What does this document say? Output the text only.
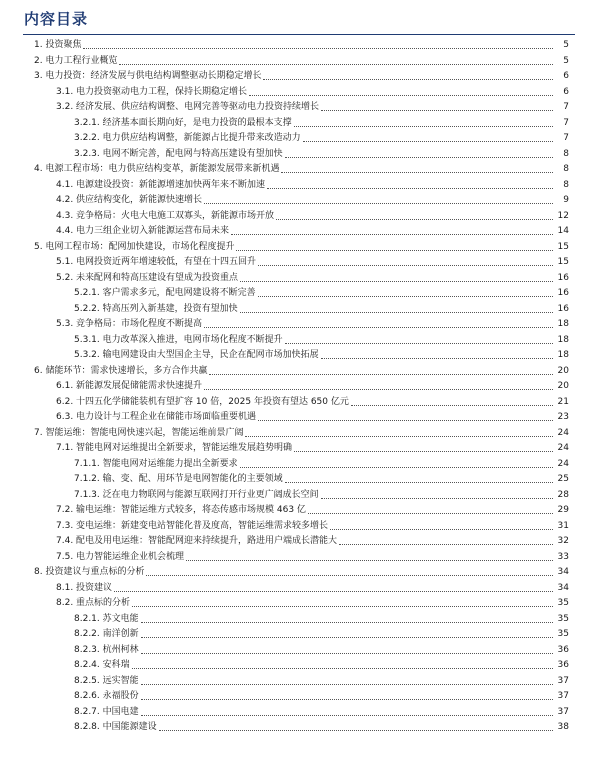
内容目录
1. 投资聚焦	5
2. 电力工程行业概览	5
3. 电力投资：经济发展与供电结构调整驱动长期稳定增长	6
3.1. 电力投资驱动电力工程，保持长期稳定增长	6
3.2. 经济发展、供应结构调整、电网完善等驱动电力投资持续增长	7
3.2.1. 经济基本面长期向好，是电力投资的最根本支撑	7
3.2.2. 电力供应结构调整，新能源占比提升带来改造动力	7
3.2.3. 电网不断完善，配电网与特高压建设有望加快	8
4. 电源工程市场：电力供应结构变革，新能源发展带来新机遇	8
4.1. 电源建设投资：新能源增速加快两年来不断加速	8
4.2. 供应结构变化，新能源快速增长	9
4.3. 竞争格局：火电大电施工双寡头，新能源市场开放	12
4.4. 电力三组企业切入新能源运营布局未来	14
5. 电网工程市场：配网加快建设，市场化程度提升	15
5.1. 电网投资近两年增速较低，有望在十四五回升	15
5.2. 未来配网和特高压建设有望成为投资重点	16
5.2.1. 客户需求多元，配电网建设将不断完善	16
5.2.2. 特高压列入新基建，投资有望加快	16
5.3. 竞争格局：市场化程度不断提高	18
5.3.1. 电力改革深入推进，电网市场化程度不断提升	18
5.3.2. 输电网建设由大型国企主导，民企在配网市场加快拓展	18
6. 储能环节：需求快速增长，多方合作共赢	20
6.1. 新能源发展促储能需求快速提升	20
6.2. 十四五化学储能装机有望扩容 10 倍，2025 年投资有望达 650 亿元	21
6.3. 电力设计与工程企业在储能市场面临重要机遇	23
7. 智能运维：智能电网快速兴起，智能运维前景广阔	24
7.1. 智能电网对运维提出全新要求，智能运维发展趋势明确	24
7.1.1. 智能电网对运维能力提出全新要求	24
7.1.2. 输、变、配、用环节是电网智能化的主要领域	25
7.1.3. 泛在电力物联网与能源互联网打开行业更广阔成长空间	28
7.2. 输电运维：智能运维方式较多，将态传感市场规模 463 亿	29
7.3. 变电运维：新建变电站智能化普及度高，智能运维需求较多增长	31
7.4. 配电及用电运维：智能配网迎来持续提升，路进用户端成长潜能大	32
7.5. 电力智能运维企业机会梳理	33
8. 投资建议与重点标的分析	34
8.1. 投资建议	34
8.2. 重点标的分析	35
8.2.1. 苏文电能	35
8.2.2. 南洋创新	35
8.2.3. 杭州柯林	36
8.2.4. 安科瑞	36
8.2.5. 远实智能	37
8.2.6. 永福股份	37
8.2.7. 中国电建	37
8.2.8. 中国能源建设	38
